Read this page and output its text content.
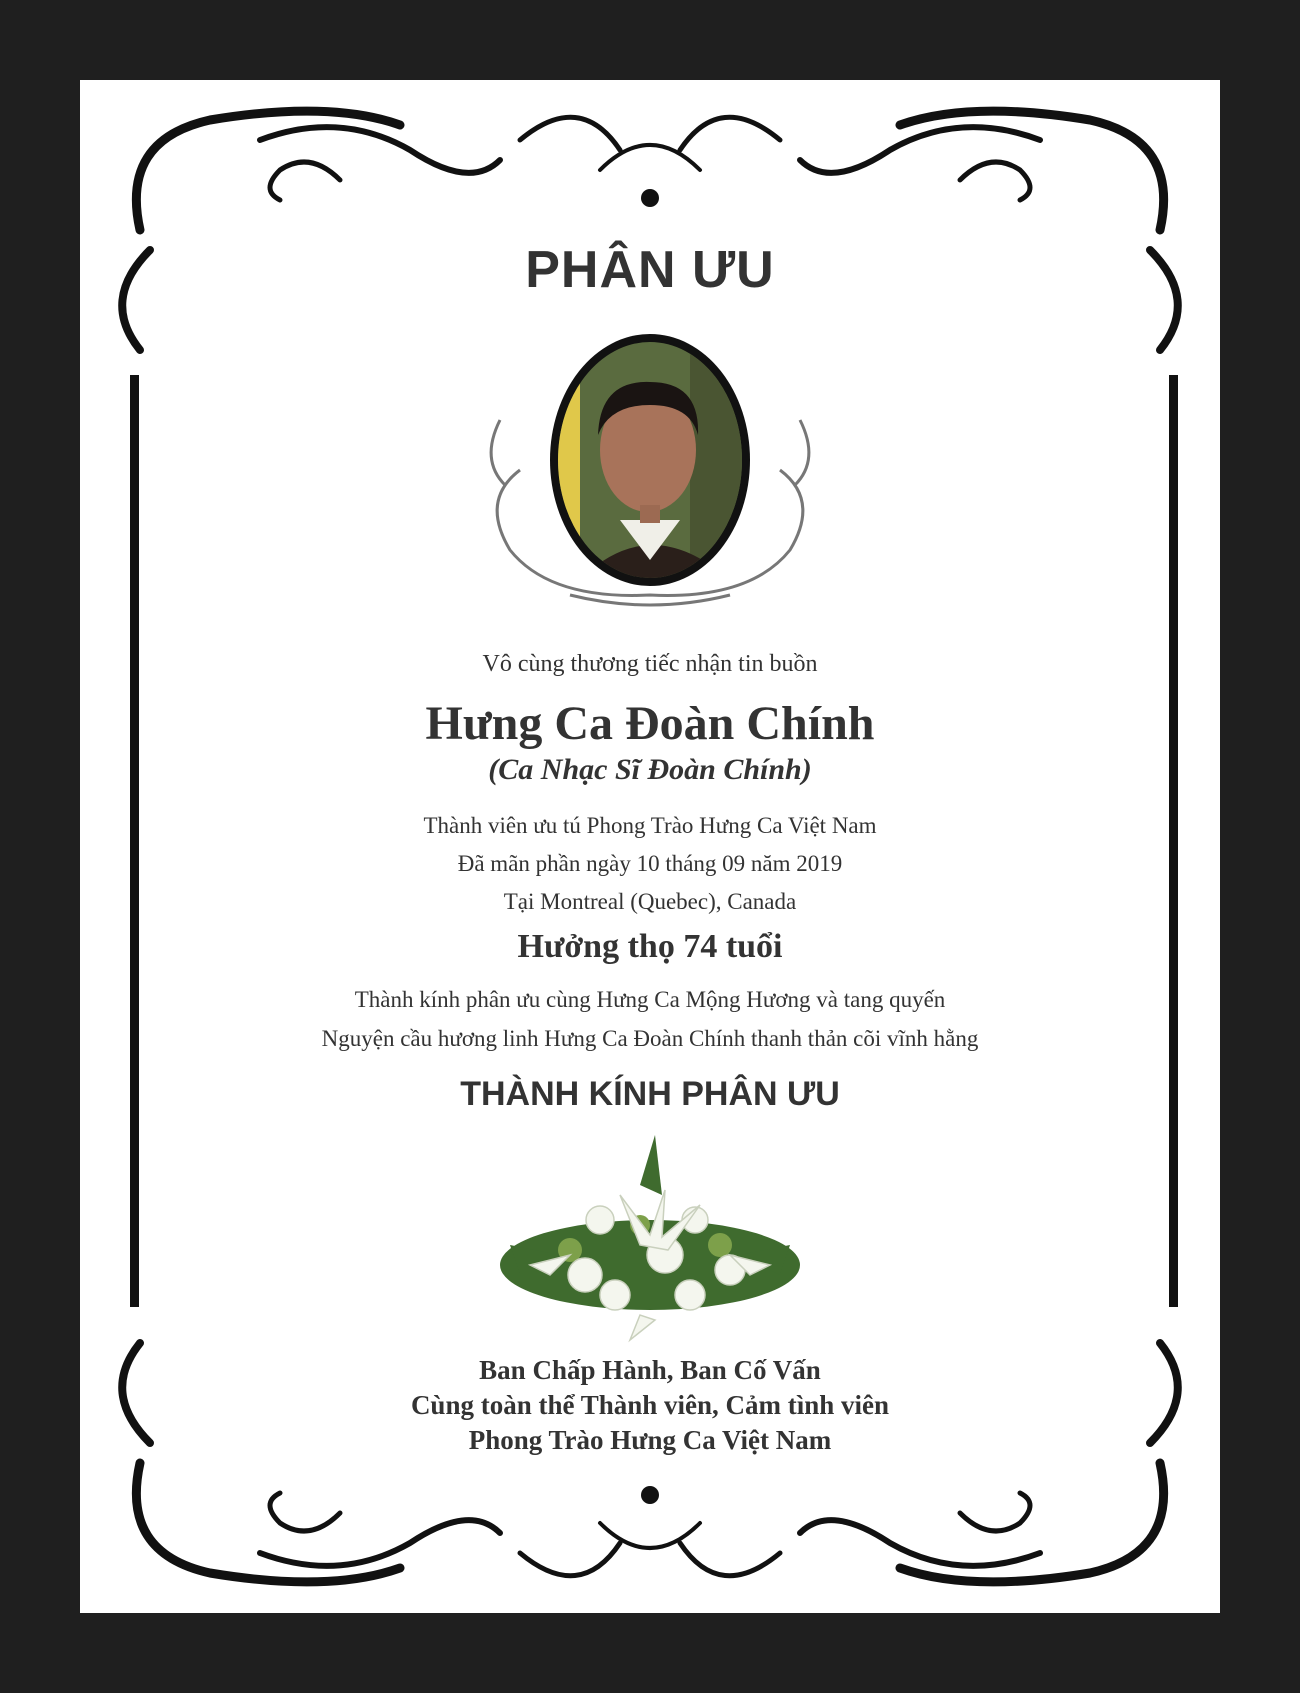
PHÂN ƯU
Vô cùng thương tiếc nhận tin buồn
Hưng Ca Đoàn Chính
(Ca Nhạc Sĩ Đoàn Chính)
Thành viên ưu tú Phong Trào Hưng Ca Việt Nam
Đã mãn phần ngày 10 tháng 09 năm 2019
Tại Montreal (Quebec), Canada
Hưởng thọ 74 tuổi
Thành kính phân ưu cùng Hưng Ca Mộng Hương và tang quyến
Nguyện cầu hương linh Hưng Ca Đoàn Chính thanh thản cõi vĩnh hằng
THÀNH KÍNH PHÂN ƯU
Ban Chấp Hành, Ban Cố Vấn
Cùng toàn thể Thành viên, Cảm tình viên
Phong Trào Hưng Ca Việt Nam
